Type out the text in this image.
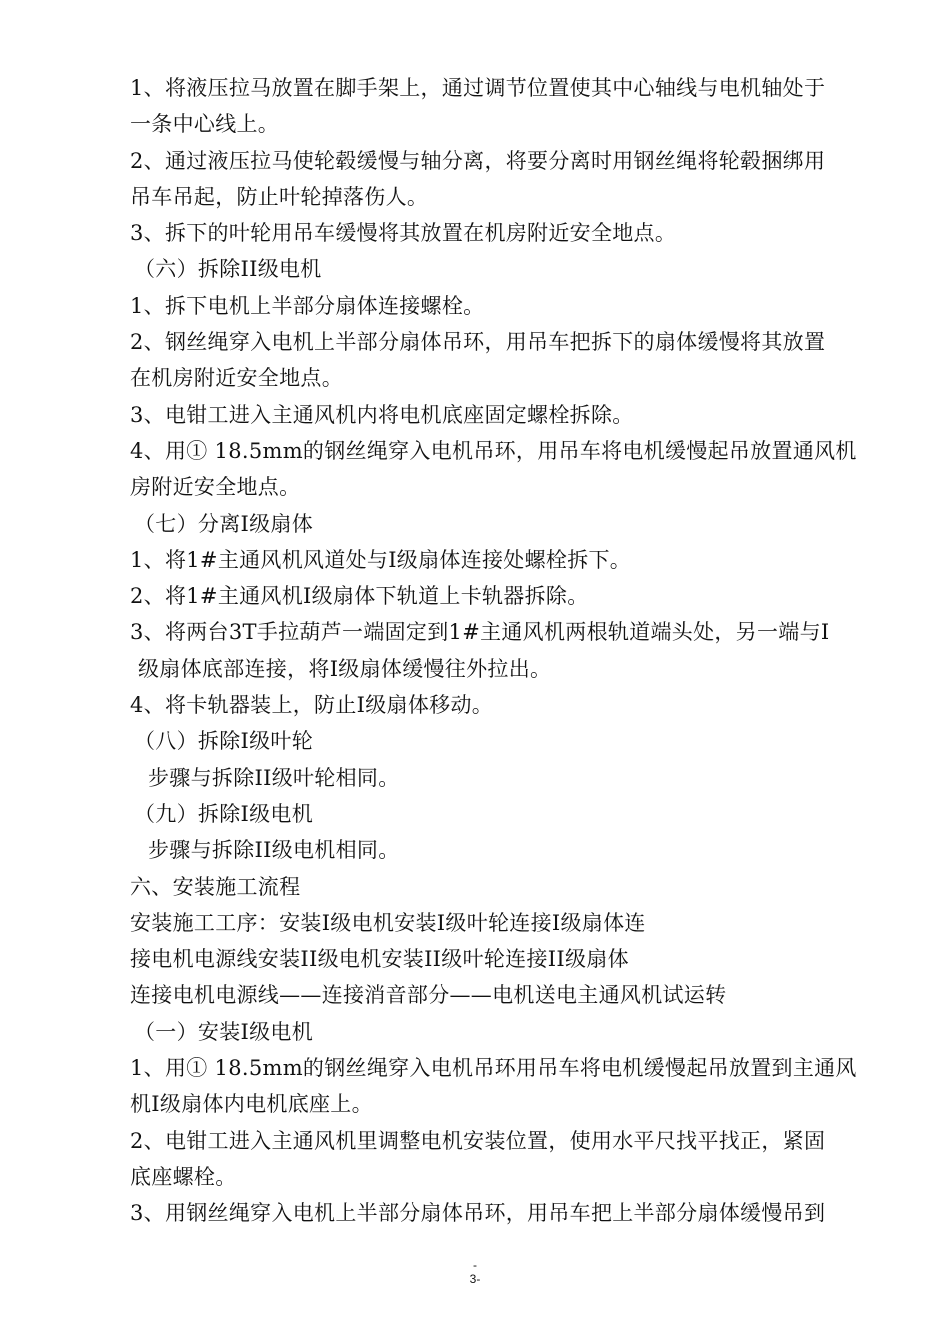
1、将液压拉马放置在脚手架上，通过调节位置使其中心轴线与电机轴处于
一条中心线上。
2、通过液压拉马使轮毂缓慢与轴分离，将要分离时用钢丝绳将轮毂捆绑用
吊车吊起，防止叶轮掉落伤人。
3、拆下的叶轮用吊车缓慢将其放置在机房附近安全地点。
（六）拆除II级电机
1、拆下电机上半部分扇体连接螺栓。
2、钢丝绳穿入电机上半部分扇体吊环，用吊车把拆下的扇体缓慢将其放置
在机房附近安全地点。
3、电钳工进入主通风机内将电机底座固定螺栓拆除。
4、用① 18.5mm的钢丝绳穿入电机吊环，用吊车将电机缓慢起吊放置通风机
房附近安全地点。
（七）分离I级扇体
1、将1#主通风机风道处与I级扇体连接处螺栓拆下。
2、将1#主通风机I级扇体下轨道上卡轨器拆除。
3、将两台3T手拉葫芦一端固定到1#主通风机两根轨道端头处，另一端与I
级扇体底部连接，将I级扇体缓慢往外拉出。
4、将卡轨器装上，防止I级扇体移动。
（八）拆除I级叶轮
步骤与拆除II级叶轮相同。
（九）拆除I级电机
步骤与拆除II级电机相同。
六、安装施工流程
安装施工工序：安装I级电机安装I级叶轮连接I级扇体连
接电机电源线安装II级电机安装II级叶轮连接II级扇体
连接电机电源线——连接消音部分——电机送电主通风机试运转
（一）安装I级电机
1、用① 18.5mm的钢丝绳穿入电机吊环用吊车将电机缓慢起吊放置到主通风
机I级扇体内电机底座上。
2、电钳工进入主通风机里调整电机安装位置，使用水平尺找平找正，紧固
底座螺栓。
3、用钢丝绳穿入电机上半部分扇体吊环，用吊车把上半部分扇体缓慢吊到
-
3-
